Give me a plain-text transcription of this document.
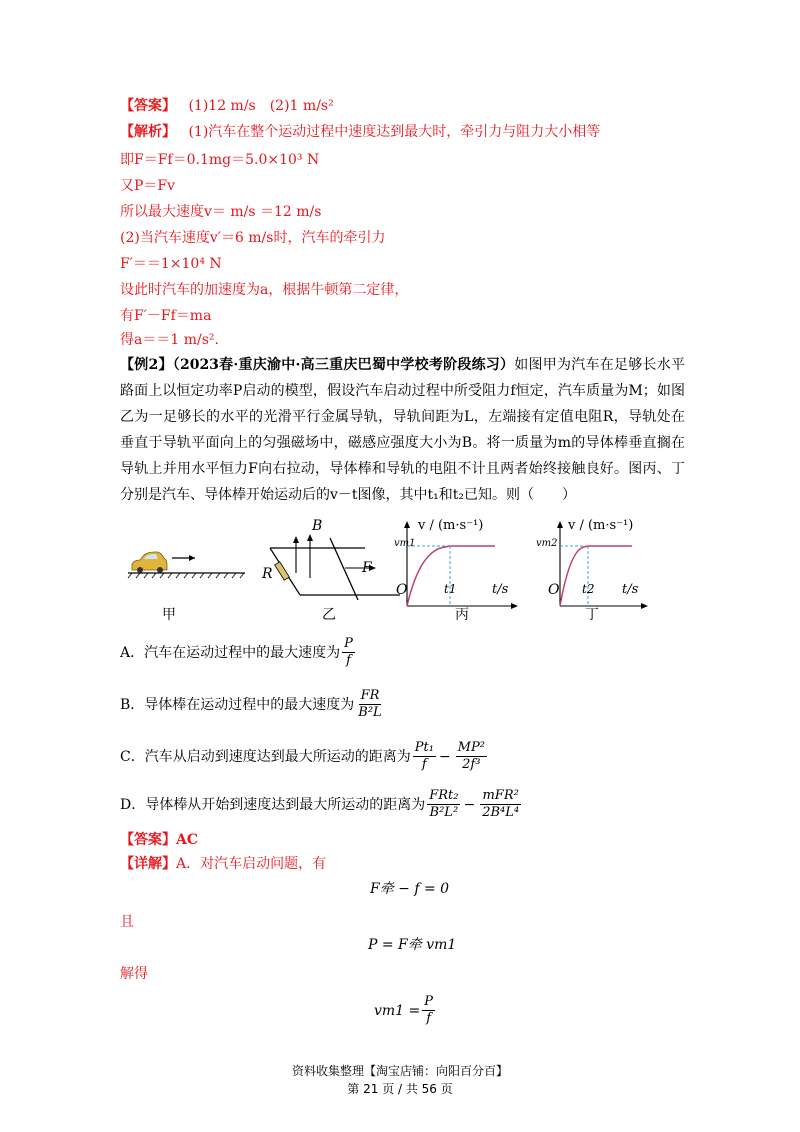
【答案】 (1)12 m/s　(2)1 m/s²
【解析】 (1)汽车在整个运动过程中速度达到最大时，牵引力与阻力大小相等
即F＝Ff＝0.1mg＝5.0×10³ N
又P＝Fv
所以最大速度v＝ m/s ＝12 m/s
(2)当汽车速度v′＝6 m/s时，汽车的牵引力
F′＝＝1×10⁴ N
设此时汽车的加速度为a，根据牛顿第二定律，
有F′－Ff＝ma
得a＝＝1 m/s².
【例2】（2023春·重庆渝中·高三重庆巴蜀中学校考阶段练习）如图甲为汽车在足够长水平路面上以恒定功率P启动的模型，假设汽车启动过程中所受阻力f恒定，汽车质量为M；如图乙为一足够长的水平的光滑平行金属导轨，导轨间距为L，左端接有定值电阻R，导轨处在垂直于导轨平面向上的匀强磁场中，磁感应强度大小为B。将一质量为m的导体棒垂直搁在导轨上并用水平恒力F向右拉动，导体棒和导轨的电阻不计且两者始终接触良好。图丙、丁分别是汽车、导体棒开始运动后的v－t图像，其中t₁和t₂已知。则（　　）
B
R	F
v / (m·s⁻¹)
vm1
O	t1	t/s
v / (m·s⁻¹)
vm2
O t2 t/s
甲	乙	丙	丁
A．汽车在运动过程中的最大速度为 $\frac{P}{f}$
B．导体棒在运动过程中的最大速度为 $\frac{FR}{\text{B²L}}$
C．汽车从启动到速度达到最大所运动的距离为 $\frac{\text{Pt₁}}{f} - \frac{\text{MP²}}{\text{2f³}}$
D．导体棒从开始到速度达到最大所运动的距离为 $\frac{\text{FRt₂}}{\text{B²L²}} - \frac{\text{mFR²}}{\text{2B⁴L⁴}}$
【答案】AC
【详解】A．对汽车启动问题，有
F牵 − f = 0
且
P = F牵 vm1
解得
$vm1 = \frac{P}{f}$
资料收集整理【淘宝店铺：向阳百分百】
第 21 页 / 共 56 页
